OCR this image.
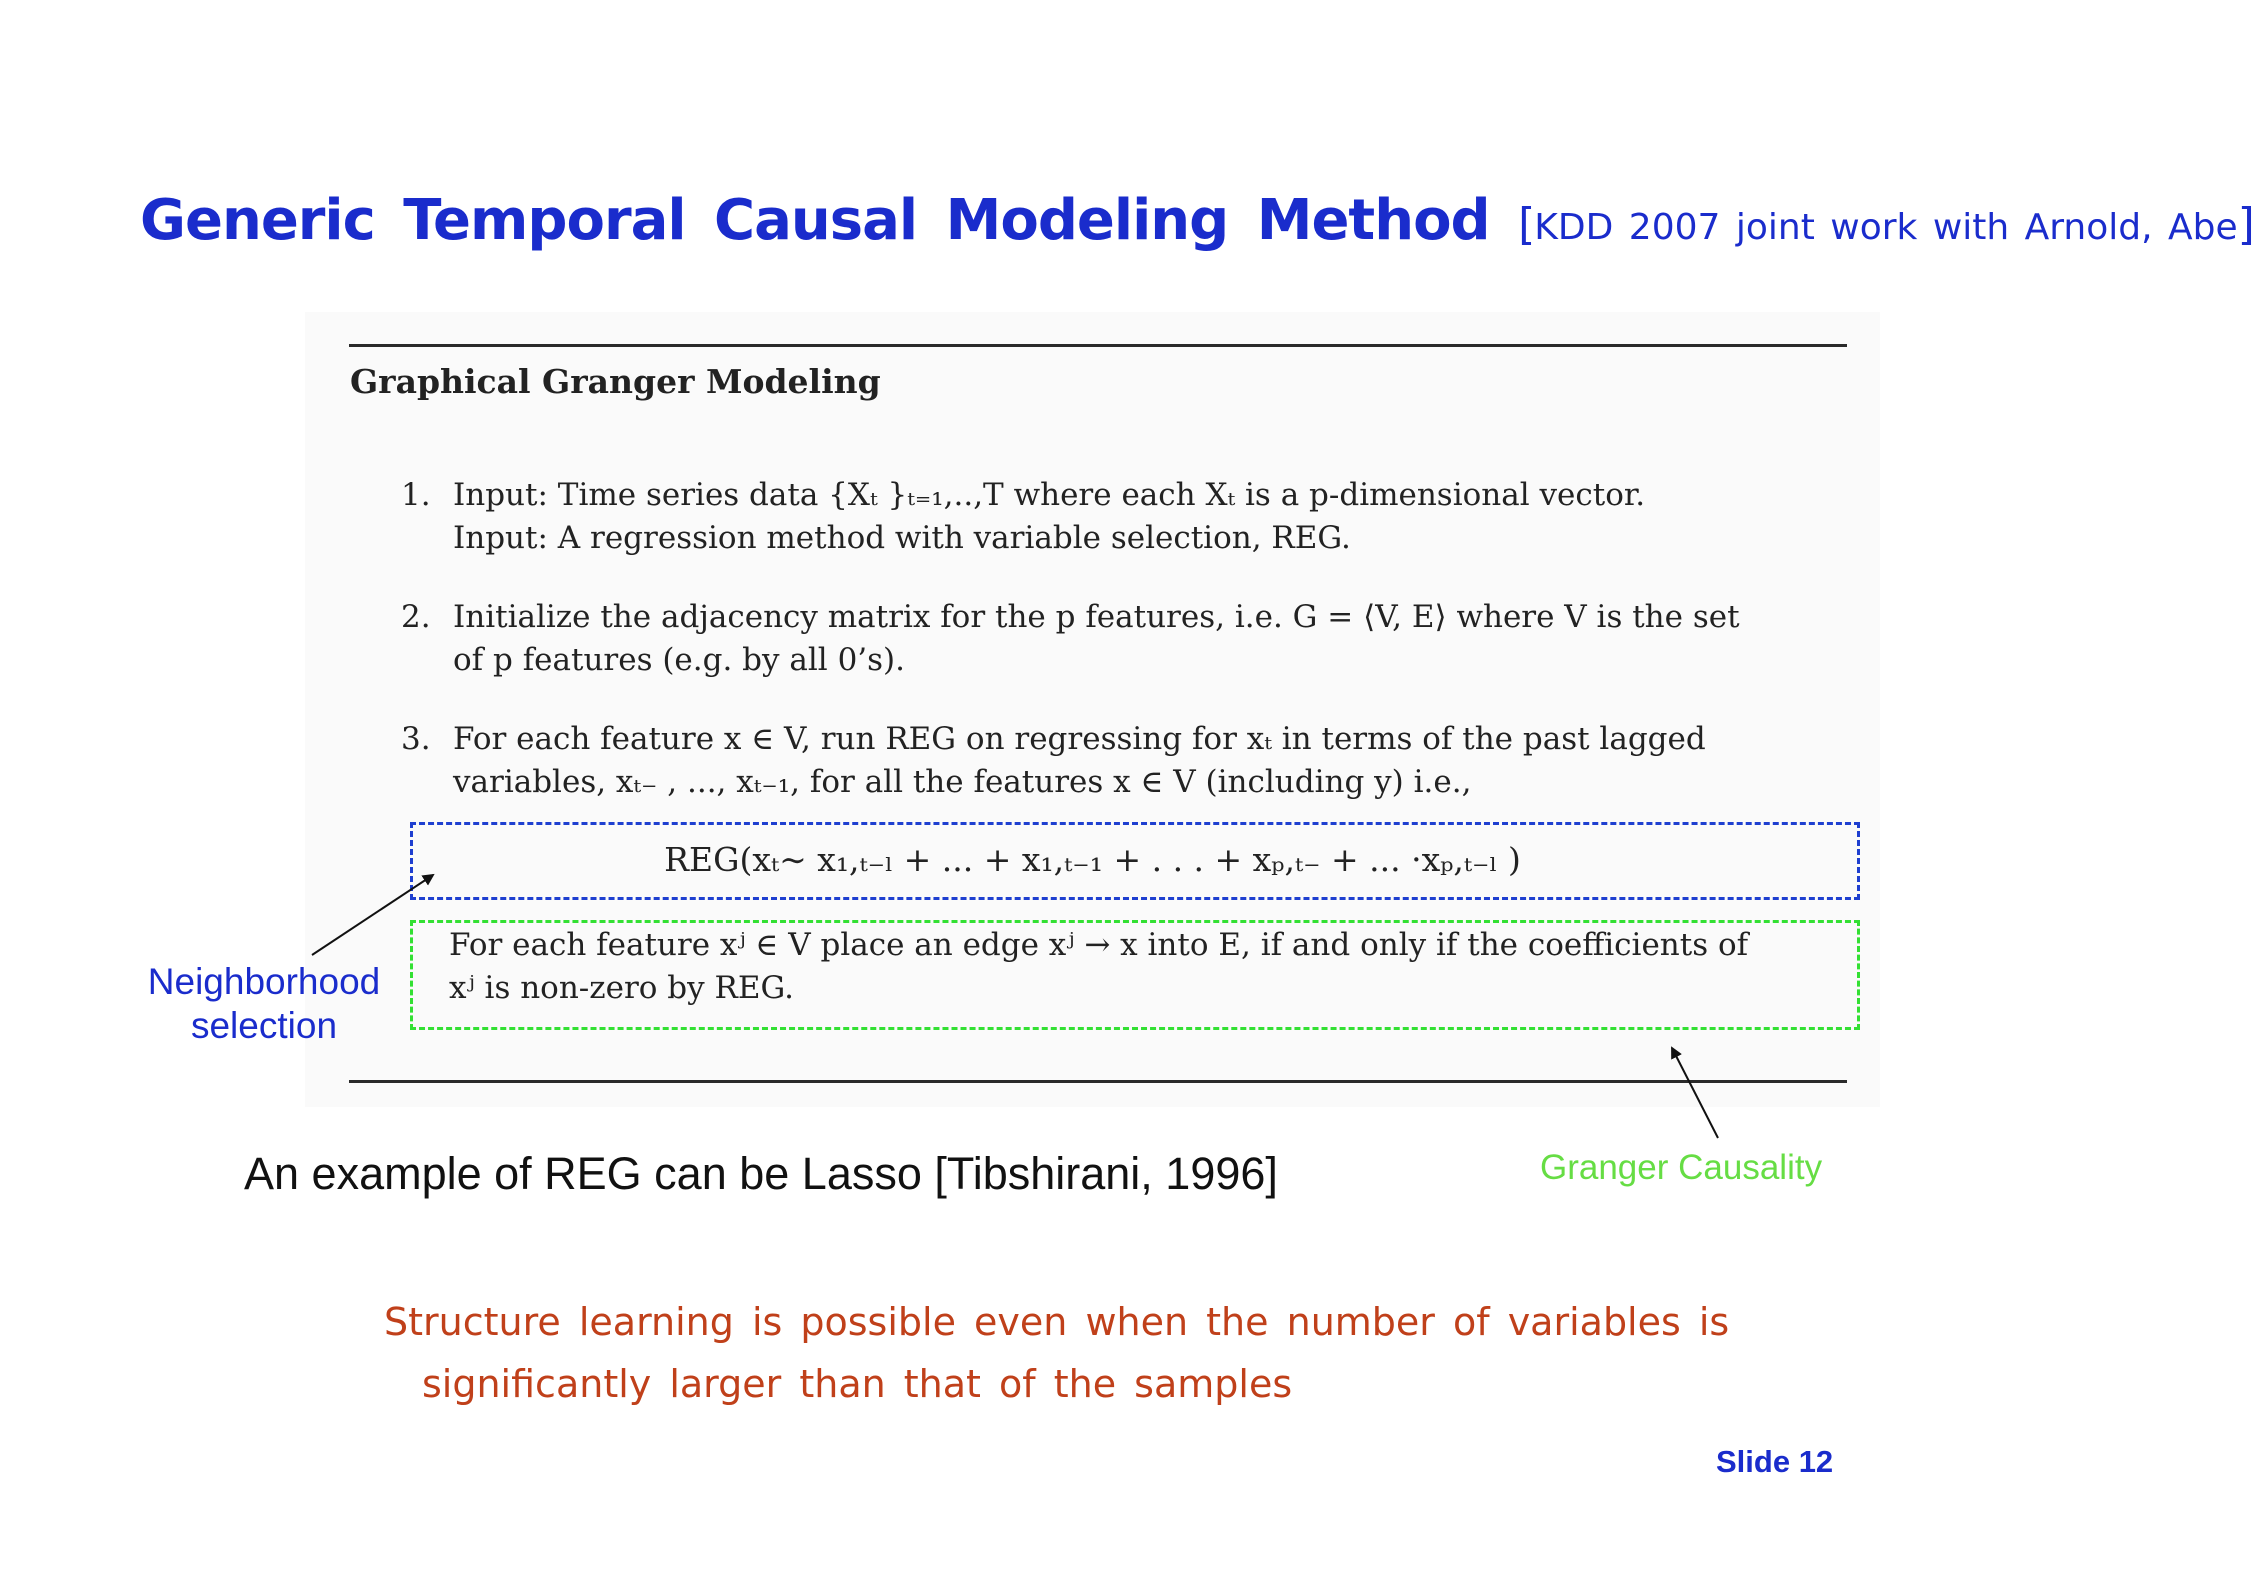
Generic Temporal Causal Modeling Method [KDD 2007 joint work with Arnold, Abe]
Graphical Granger Modeling
1. Input: Time series data {Xₜ }ₜ₌₁,..,T where each Xₜ is a p-dimensional vector.
Input: A regression method with variable selection, REG.
2. Initialize the adjacency matrix for the p features, i.e. G = ⟨V, E⟩ where V is the set
of p features (e.g. by all 0’s).
3. For each feature x ∈ V, run REG on regressing for xₜ in terms of the past lagged
variables, xₜ₋ , ..., xₜ₋₁, for all the features x ∈ V (including y) i.e.,
REG(xₜ∼ x₁,ₜ₋ₗ + ... + x₁,ₜ₋₁ + . . . + xₚ,ₜ₋ + ... ·xₚ,ₜ₋ₗ )
For each feature xʲ ∈ V place an edge xʲ → x into E, if and only if the coefficients of
xʲ is non-zero by REG.

Neighborhood
selection

Granger Causality

An example of REG can be Lasso [Tibshirani, 1996]

Structure learning is possible even when the number of variables is

significantly larger than that of the samples

Slide 12
